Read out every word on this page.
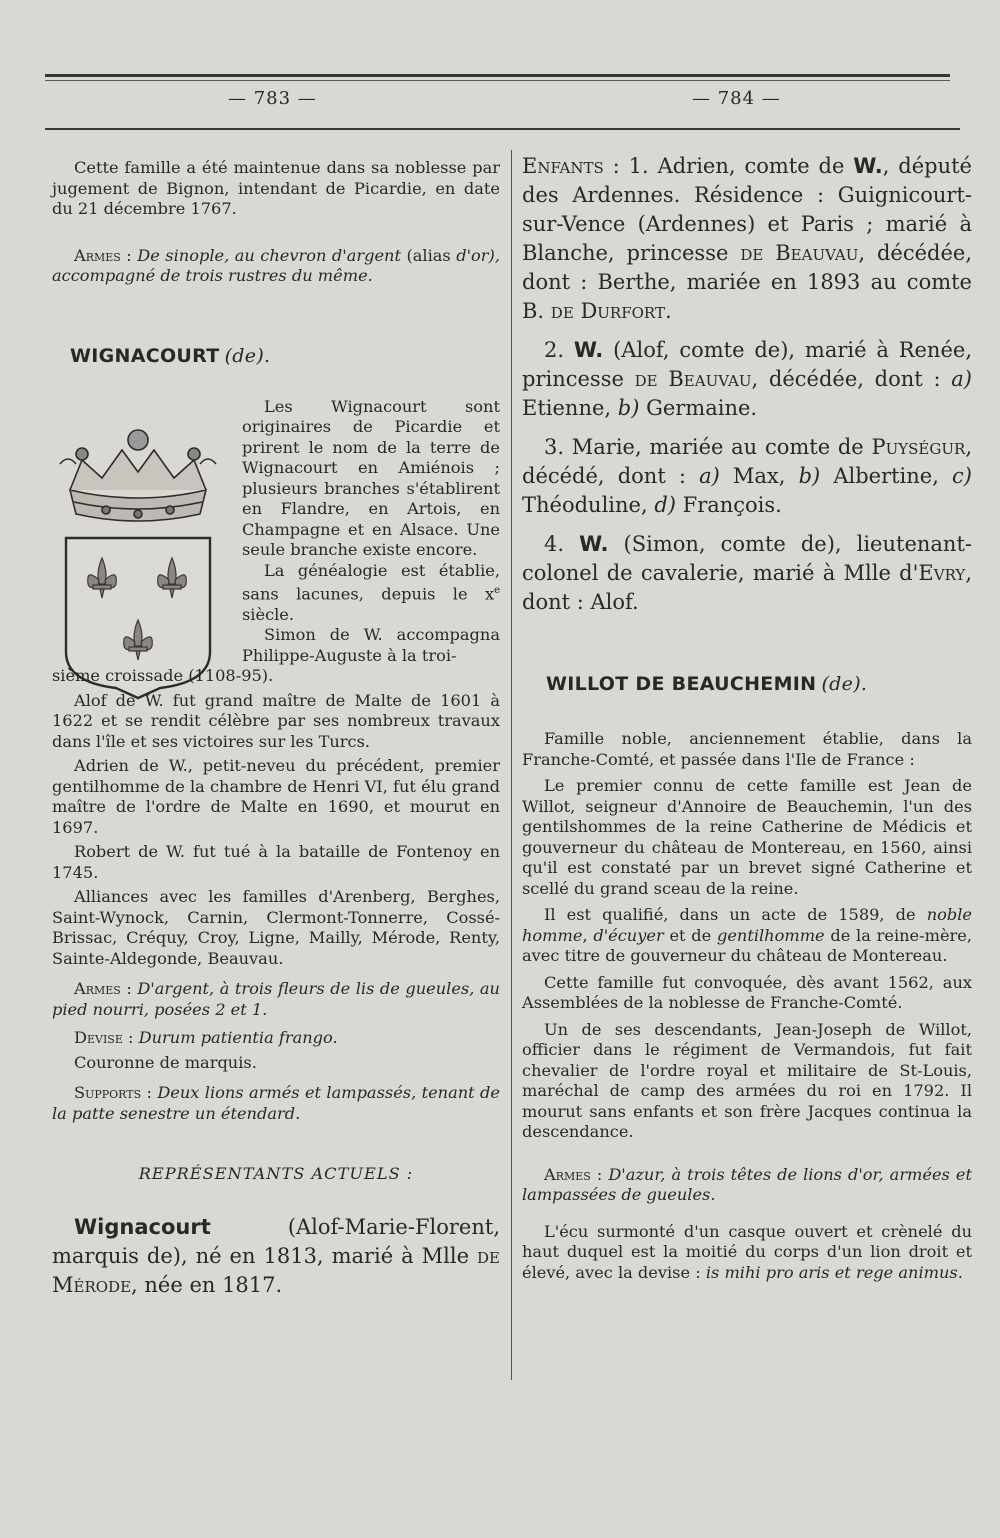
— 783 —	— 784 —

Cette famille a été maintenue dans sa noblesse par jugement de Bignon, intendant de Picardie, en date du 21 décembre 1767.

Armes : De sinople, au chevron d'argent (alias d'or), accompagné de trois rustres du même.

WIGNACOURT (de).

Les Wignacourt sont originaires de Picardie et prirent le nom de la terre de Wignacourt en Amiénois ; plusieurs branches s'établirent en Flandre, en Artois, en Champagne et en Alsace. Une seule branche existe encore.

La généalogie est établie, sans lacunes, depuis le $x^e$ siècle.

Simon de W. accompagna Philippe-Auguste à la troi-

sième croissade (1108-95).

Alof de W. fut grand maître de Malte de 1601 à 1622 et se rendit célèbre par ses nombreux travaux dans l'île et ses victoires sur les Turcs.

Adrien de W., petit-neveu du précédent, premier gentilhomme de la chambre de Henri VI, fut élu grand maître de l'ordre de Malte en 1690, et mourut en 1697.

Robert de W. fut tué à la bataille de Fontenoy en 1745.

Alliances avec les familles d'Arenberg, Berghes, Saint-Wynock, Carnin, Clermont-Tonnerre, Cossé-Brissac, Créquy, Croy, Ligne, Mailly, Mérode, Renty, Sainte-Aldegonde, Beauvau.

Armes : D'argent, à trois fleurs de lis de gueules, au pied nourri, posées 2 et 1.

Devise : Durum patientia frango.

Couronne de marquis.

Supports : Deux lions armés et lampassés, tenant de la patte senestre un étendard.

REPRÉSENTANTS ACTUELS :

Wignacourt (Alof-Marie-Florent, marquis de), né en 1813, marié à Mlle de Mérode, née en 1817.

Enfants : 1. Adrien, comte de W., député des Ardennes. Résidence : Guignicourt-sur-Vence (Ardennes) et Paris ; marié à Blanche, princesse de Beauvau, décédée, dont : Berthe, mariée en 1893 au comte B. de Durfort.

2. W. (Alof, comte de), marié à Renée, princesse de Beauvau, décédée, dont : a) Etienne, b) Germaine.

3. Marie, mariée au comte de Puységur, décédé, dont : a) Max, b) Albertine, c) Théoduline, d) François.

4. W. (Simon, comte de), lieutenant-colonel de cavalerie, marié à Mlle d'Evry, dont : Alof.

WILLOT DE BEAUCHEMIN (de).

Famille noble, anciennement établie, dans la Franche-Comté, et passée dans l'Ile de France :

Le premier connu de cette famille est Jean de Willot, seigneur d'Annoire de Beauchemin, l'un des gentilshommes de la reine Catherine de Médicis et gouverneur du château de Montereau, en 1560, ainsi qu'il est constaté par un brevet signé Catherine et scellé du grand sceau de la reine.

Il est qualifié, dans un acte de 1589, de noble homme, d'écuyer et de gentilhomme de la reine-mère, avec titre de gouverneur du château de Montereau.

Cette famille fut convoquée, dès avant 1562, aux Assemblées de la noblesse de Franche-Comté.

Un de ses descendants, Jean-Joseph de Willot, officier dans le régiment de Vermandois, fut fait chevalier de l'ordre royal et militaire de St-Louis, maréchal de camp des armées du roi en 1792. Il mourut sans enfants et son frère Jacques continua la descendance.

Armes : D'azur, à trois têtes de lions d'or, armées et lampassées de gueules.

L'écu surmonté d'un casque ouvert et crènelé du haut duquel est la moitié du corps d'un lion droit et élevé, avec la devise : is mihi pro aris et rege animus.
